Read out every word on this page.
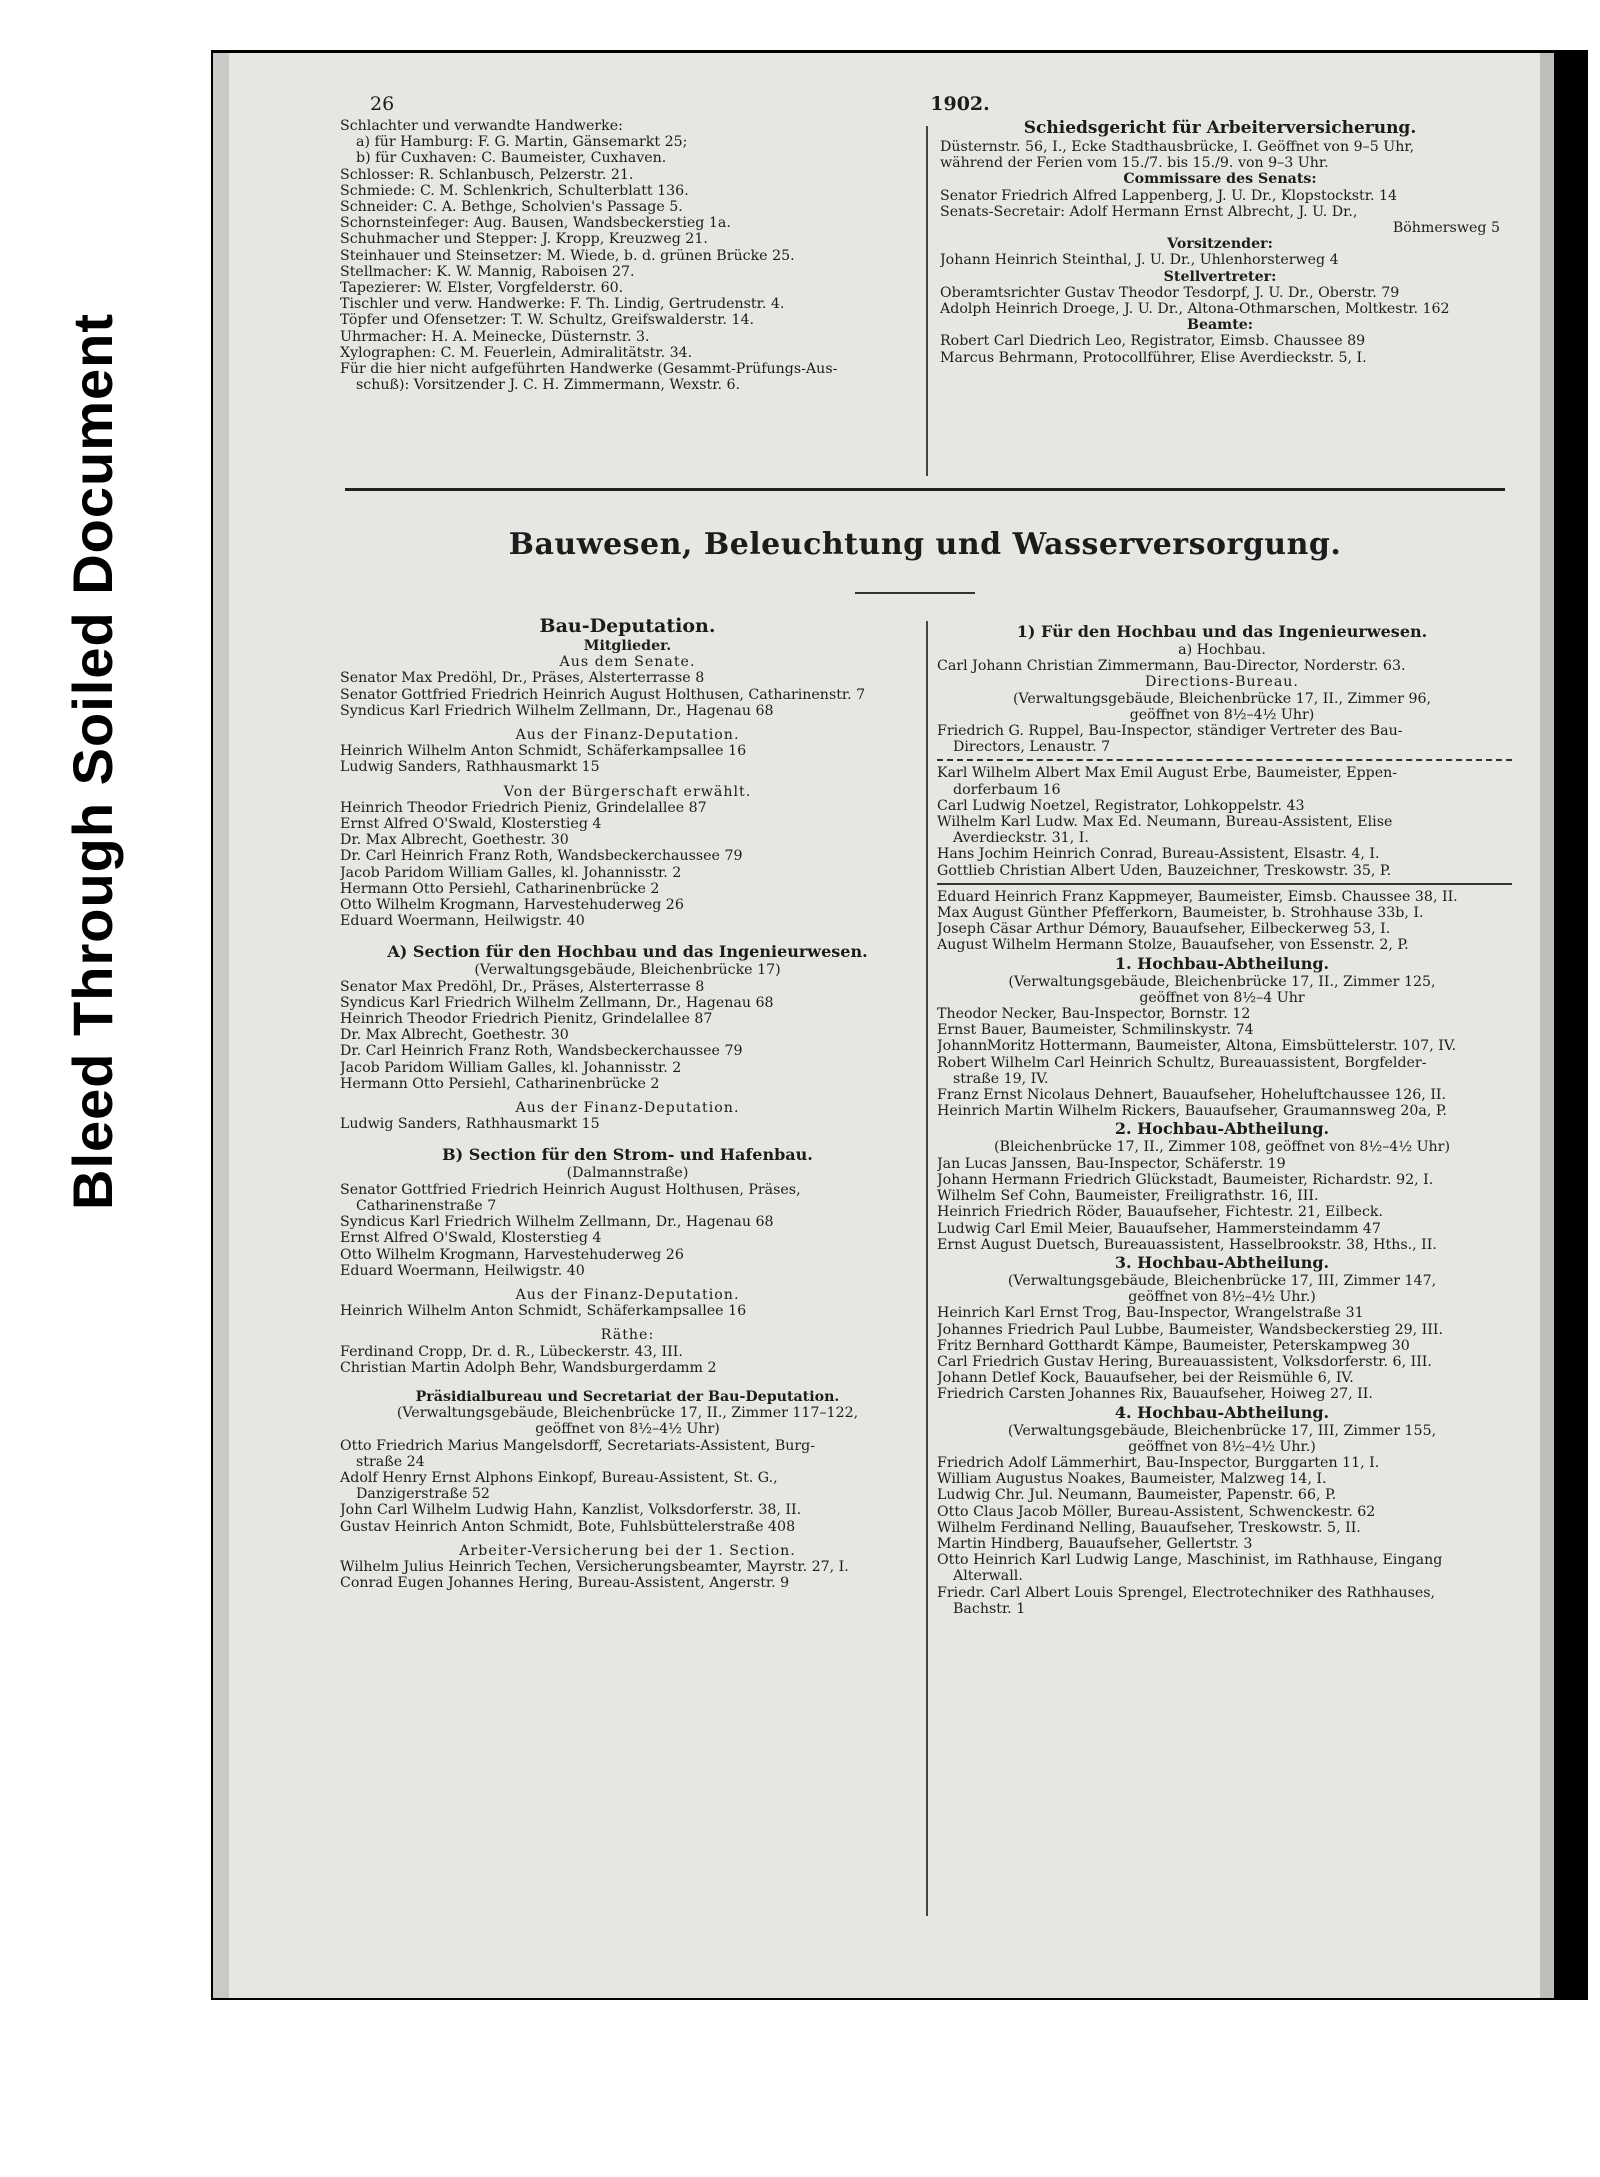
Bleed Through Soiled Document
26	1902.
Schlachter und verwandte Handwerke:
a) für Hamburg: F. G. Martin, Gänsemarkt 25;
b) für Cuxhaven: C. Baumeister, Cuxhaven.
Schlosser: R. Schlanbusch, Pelzerstr. 21.
Schmiede: C. M. Schlenkrich, Schulterblatt 136.
Schneider: C. A. Bethge, Scholvien's Passage 5.
Schornsteinfeger: Aug. Bausen, Wandsbeckerstieg 1a.
Schuhmacher und Stepper: J. Kropp, Kreuzweg 21.
Steinhauer und Steinsetzer: M. Wiede, b. d. grünen Brücke 25.
Stellmacher: K. W. Mannig, Raboisen 27.
Tapezierer: W. Elster, Vorgfelderstr. 60.
Tischler und verw. Handwerke: F. Th. Lindig, Gertrudenstr. 4.
Töpfer und Ofensetzer: T. W. Schultz, Greifswalderstr. 14.
Uhrmacher: H. A. Meinecke, Düsternstr. 3.
Xylographen: C. M. Feuerlein, Admiralitätstr. 34.
Für die hier nicht aufgeführten Handwerke (Gesammt-Prüfungs-Aus-
schuß): Vorsitzender J. C. H. Zimmermann, Wexstr. 6.
Schiedsgericht für Arbeiterversicherung.
Düsternstr. 56, I., Ecke Stadthausbrücke, I. Geöffnet von 9–5 Uhr,
während der Ferien vom 15./7. bis 15./9. von 9–3 Uhr.
Commissare des Senats:
Senator Friedrich Alfred Lappenberg, J. U. Dr., Klopstockstr. 14
Senats-Secretair: Adolf Hermann Ernst Albrecht, J. U. Dr.,
Böhmersweg 5
Vorsitzender:
Johann Heinrich Steinthal, J. U. Dr., Uhlenhorsterweg 4
Stellvertreter:
Oberamtsrichter Gustav Theodor Tesdorpf, J. U. Dr., Oberstr. 79
Adolph Heinrich Droege, J. U. Dr., Altona-Othmarschen, Moltkestr. 162
Beamte:
Robert Carl Diedrich Leo, Registrator, Eimsb. Chaussee 89
Marcus Behrmann, Protocollführer, Elise Averdieckstr. 5, I.
Bauwesen, Beleuchtung und Wasserversorgung.
Bau-Deputation.
Mitglieder.
Aus dem Senate.
Senator Max Predöhl, Dr., Präses, Alsterterrasse 8
Senator Gottfried Friedrich Heinrich August Holthusen, Catharinenstr. 7
Syndicus Karl Friedrich Wilhelm Zellmann, Dr., Hagenau 68
Aus der Finanz-Deputation.
Heinrich Wilhelm Anton Schmidt, Schäferkampsallee 16
Ludwig Sanders, Rathhausmarkt 15
Von der Bürgerschaft erwählt.
Heinrich Theodor Friedrich Pieniz, Grindelallee 87
Ernst Alfred O'Swald, Klosterstieg 4
Dr. Max Albrecht, Goethestr. 30
Dr. Carl Heinrich Franz Roth, Wandsbeckerchaussee 79
Jacob Paridom William Galles, kl. Johannisstr. 2
Hermann Otto Persiehl, Catharinenbrücke 2
Otto Wilhelm Krogmann, Harvestehuderweg 26
Eduard Woermann, Heilwigstr. 40
A) Section für den Hochbau und das Ingenieurwesen.
(Verwaltungsgebäude, Bleichenbrücke 17)
Senator Max Predöhl, Dr., Präses, Alsterterrasse 8
Syndicus Karl Friedrich Wilhelm Zellmann, Dr., Hagenau 68
Heinrich Theodor Friedrich Pienitz, Grindelallee 87
Dr. Max Albrecht, Goethestr. 30
Dr. Carl Heinrich Franz Roth, Wandsbeckerchaussee 79
Jacob Paridom William Galles, kl. Johannisstr. 2
Hermann Otto Persiehl, Catharinenbrücke 2
Aus der Finanz-Deputation.
Ludwig Sanders, Rathhausmarkt 15
B) Section für den Strom- und Hafenbau.
(Dalmannstraße)
Senator Gottfried Friedrich Heinrich August Holthusen, Präses,
Catharinenstraße 7
Syndicus Karl Friedrich Wilhelm Zellmann, Dr., Hagenau 68
Ernst Alfred O'Swald, Klosterstieg 4
Otto Wilhelm Krogmann, Harvestehuderweg 26
Eduard Woermann, Heilwigstr. 40
Aus der Finanz-Deputation.
Heinrich Wilhelm Anton Schmidt, Schäferkampsallee 16
Räthe:
Ferdinand Cropp, Dr. d. R., Lübeckerstr. 43, III.
Christian Martin Adolph Behr, Wandsburgerdamm 2
Präsidialbureau und Secretariat der Bau-Deputation.
(Verwaltungsgebäude, Bleichenbrücke 17, II., Zimmer 117–122,
geöffnet von 8½–4½ Uhr)
Otto Friedrich Marius Mangelsdorff, Secretariats-Assistent, Burg-
straße 24
Adolf Henry Ernst Alphons Einkopf, Bureau-Assistent, St. G.,
Danzigerstraße 52
John Carl Wilhelm Ludwig Hahn, Kanzlist, Volksdorferstr. 38, II.
Gustav Heinrich Anton Schmidt, Bote, Fuhlsbüttelerstraße 408
Arbeiter-Versicherung bei der 1. Section.
Wilhelm Julius Heinrich Techen, Versicherungsbeamter, Mayrstr. 27, I.
Conrad Eugen Johannes Hering, Bureau-Assistent, Angerstr. 9
1) Für den Hochbau und das Ingenieurwesen.
a) Hochbau.
Carl Johann Christian Zimmermann, Bau-Director, Norderstr. 63.
Directions-Bureau.
(Verwaltungsgebäude, Bleichenbrücke 17, II., Zimmer 96,
geöffnet von 8½–4½ Uhr)
Friedrich G. Ruppel, Bau-Inspector, ständiger Vertreter des Bau-
Directors, Lenaustr. 7
Karl Wilhelm Albert Max Emil August Erbe, Baumeister, Eppen-
dorferbaum 16
Carl Ludwig Noetzel, Registrator, Lohkoppelstr. 43
Wilhelm Karl Ludw. Max Ed. Neumann, Bureau-Assistent, Elise
Averdieckstr. 31, I.
Hans Jochim Heinrich Conrad, Bureau-Assistent, Elsastr. 4, I.
Gottlieb Christian Albert Uden, Bauzeichner, Treskowstr. 35, P.
Eduard Heinrich Franz Kappmeyer, Baumeister, Eimsb. Chaussee 38, II.
Max August Günther Pfefferkorn, Baumeister, b. Strohhause 33b, I.
Joseph Cäsar Arthur Démory, Bauaufseher, Eilbeckerweg 53, I.
August Wilhelm Hermann Stolze, Bauaufseher, von Essenstr. 2, P.
1. Hochbau-Abtheilung.
(Verwaltungsgebäude, Bleichenbrücke 17, II., Zimmer 125,
geöffnet von 8½–4 Uhr
Theodor Necker, Bau-Inspector, Bornstr. 12
Ernst Bauer, Baumeister, Schmilinskystr. 74
JohannMoritz Hottermann, Baumeister, Altona, Eimsbüttelerstr. 107, IV.
Robert Wilhelm Carl Heinrich Schultz, Bureauassistent, Borgfelder-
straße 19, IV.
Franz Ernst Nicolaus Dehnert, Bauaufseher, Hoheluftchaussee 126, II.
Heinrich Martin Wilhelm Rickers, Bauaufseher, Graumannsweg 20a, P.
2. Hochbau-Abtheilung.
(Bleichenbrücke 17, II., Zimmer 108, geöffnet von 8½–4½ Uhr)
Jan Lucas Janssen, Bau-Inspector, Schäferstr. 19
Johann Hermann Friedrich Glückstadt, Baumeister, Richardstr. 92, I.
Wilhelm Sef Cohn, Baumeister, Freiligrathstr. 16, III.
Heinrich Friedrich Röder, Bauaufseher, Fichtestr. 21, Eilbeck.
Ludwig Carl Emil Meier, Bauaufseher, Hammersteindamm 47
Ernst August Duetsch, Bureauassistent, Hasselbrookstr. 38, Hths., II.
3. Hochbau-Abtheilung.
(Verwaltungsgebäude, Bleichenbrücke 17, III, Zimmer 147,
geöffnet von 8½–4½ Uhr.)
Heinrich Karl Ernst Trog, Bau-Inspector, Wrangelstraße 31
Johannes Friedrich Paul Lubbe, Baumeister, Wandsbeckerstieg 29, III.
Fritz Bernhard Gotthardt Kämpe, Baumeister, Peterskampweg 30
Carl Friedrich Gustav Hering, Bureauassistent, Volksdorferstr. 6, III.
Johann Detlef Kock, Bauaufseher, bei der Reismühle 6, IV.
Friedrich Carsten Johannes Rix, Bauaufseher, Hoiweg 27, II.
4. Hochbau-Abtheilung.
(Verwaltungsgebäude, Bleichenbrücke 17, III, Zimmer 155,
geöffnet von 8½–4½ Uhr.)
Friedrich Adolf Lämmerhirt, Bau-Inspector, Burggarten 11, I.
William Augustus Noakes, Baumeister, Malzweg 14, I.
Ludwig Chr. Jul. Neumann, Baumeister, Papenstr. 66, P.
Otto Claus Jacob Möller, Bureau-Assistent, Schwenckestr. 62
Wilhelm Ferdinand Nelling, Bauaufseher, Treskowstr. 5, II.
Martin Hindberg, Bauaufseher, Gellertstr. 3
Otto Heinrich Karl Ludwig Lange, Maschinist, im Rathhause, Eingang
Alterwall.
Friedr. Carl Albert Louis Sprengel, Electrotechniker des Rathhauses,
Bachstr. 1
